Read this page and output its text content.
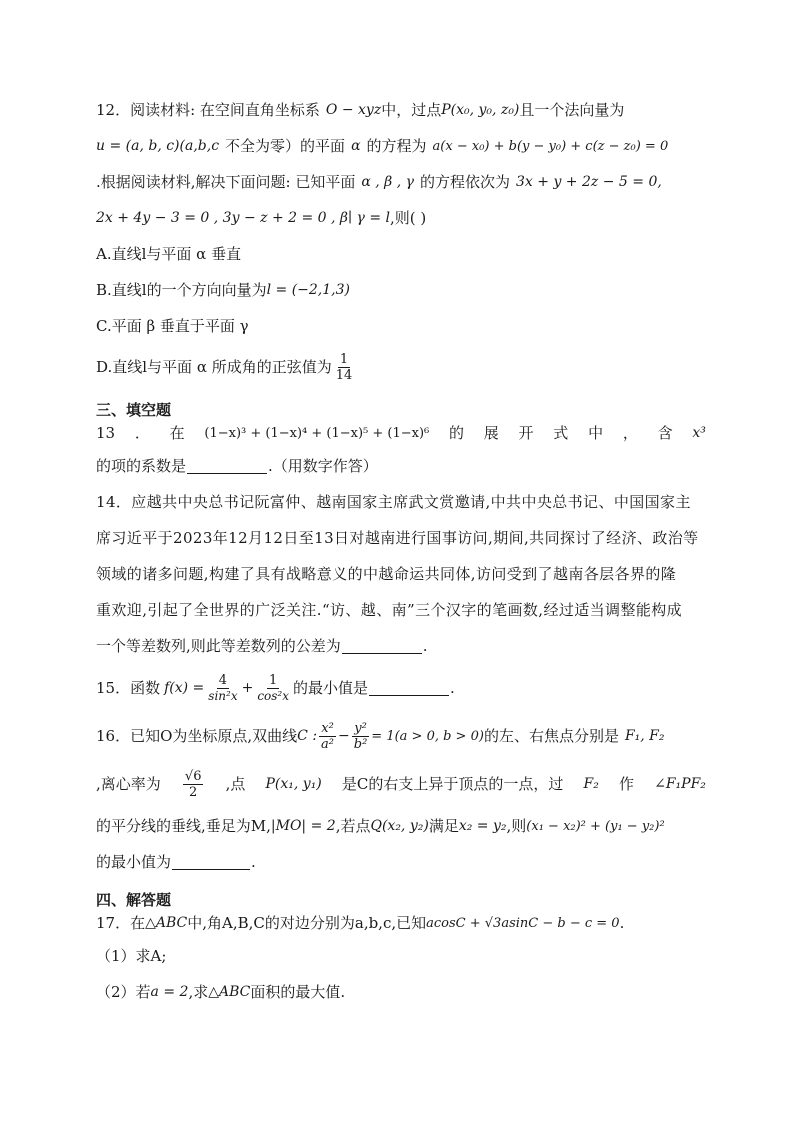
12．阅读材料: 在空间直角坐标系 O − xyz 中，过点 P(x₀, y₀, z₀) 且一个法向量为
u = (a, b, c) (a,b,c 不全为零）的平面 α 的方程为 a(x − x₀) + b(y − y₀) + c(z − z₀) = 0
.根据阅读材料,解决下面问题: 已知平面 α , β , γ 的方程依次为 3x + y + 2z − 5 = 0,
2x + 4y − 3 = 0 , 3y − z + 2 = 0 , β∣ γ = l ,则( )
A.直线l与平面 α 垂直
B.直线l的一个方向向量为 l = (−2,1,3)
C.平面 β 垂直于平面 γ
D.直线l与平面 α 所成角的正弦值为 $\frac{1}{14}$
三、填空题
13 ． 在 (1−x)³ + (1−x)⁴ + (1−x)⁵ + (1−x)⁶ 的 展 开 式 中 ， 含 x³
的项的系数是	.（用数字作答）
14．应越共中央总书记阮富仲、越南国家主席武文赏邀请,中共中央总书记、中国国家主
席习近平于2023年12月12日至13日对越南进行国事访问,期间,共同探讨了经济、政治等
领域的诸多问题,构建了具有战略意义的中越命运共同体,访问受到了越南各层各界的隆
重欢迎,引起了全世界的广泛关注.“访、越、南”三个汉字的笔画数,经过适当调整能构成
一个等差数列,则此等差数列的公差为	.
15．函数 $f(x) = \frac{4}{\text{sin²x}} + \frac{1}{\text{cos²x}}$ 的最小值是	.
16．已知O为坐标原点,双曲线 C : $\frac{\text{x²}}{\text{a²}} - \frac{\text{y²}}{\text{b²}} = 1(a > 0$, b > 0) 的左、右焦点分别是 F₁, F₂
,离心率为 $\frac{√6}{2}$ ,点 P(x₁, y₁) 是C的右支上异于顶点的一点，过 F₂ 作 ∠F₁PF₂
的平分线的垂线,垂足为M, |MO| = 2 ,若点 Q(x₂, y₂) 满足 x₂ = y₂ ,则 (x₁ − x₂)² + (y₁ − y₂)²
的最小值为	.
四、解答题
17．在 △ABC 中,角A,B,C的对边分别为a,b,c,已知 acosC + √3asinC − b − c = 0 .
（1）求A;
（2）若 a = 2 ,求 △ABC 面积的最大值.
